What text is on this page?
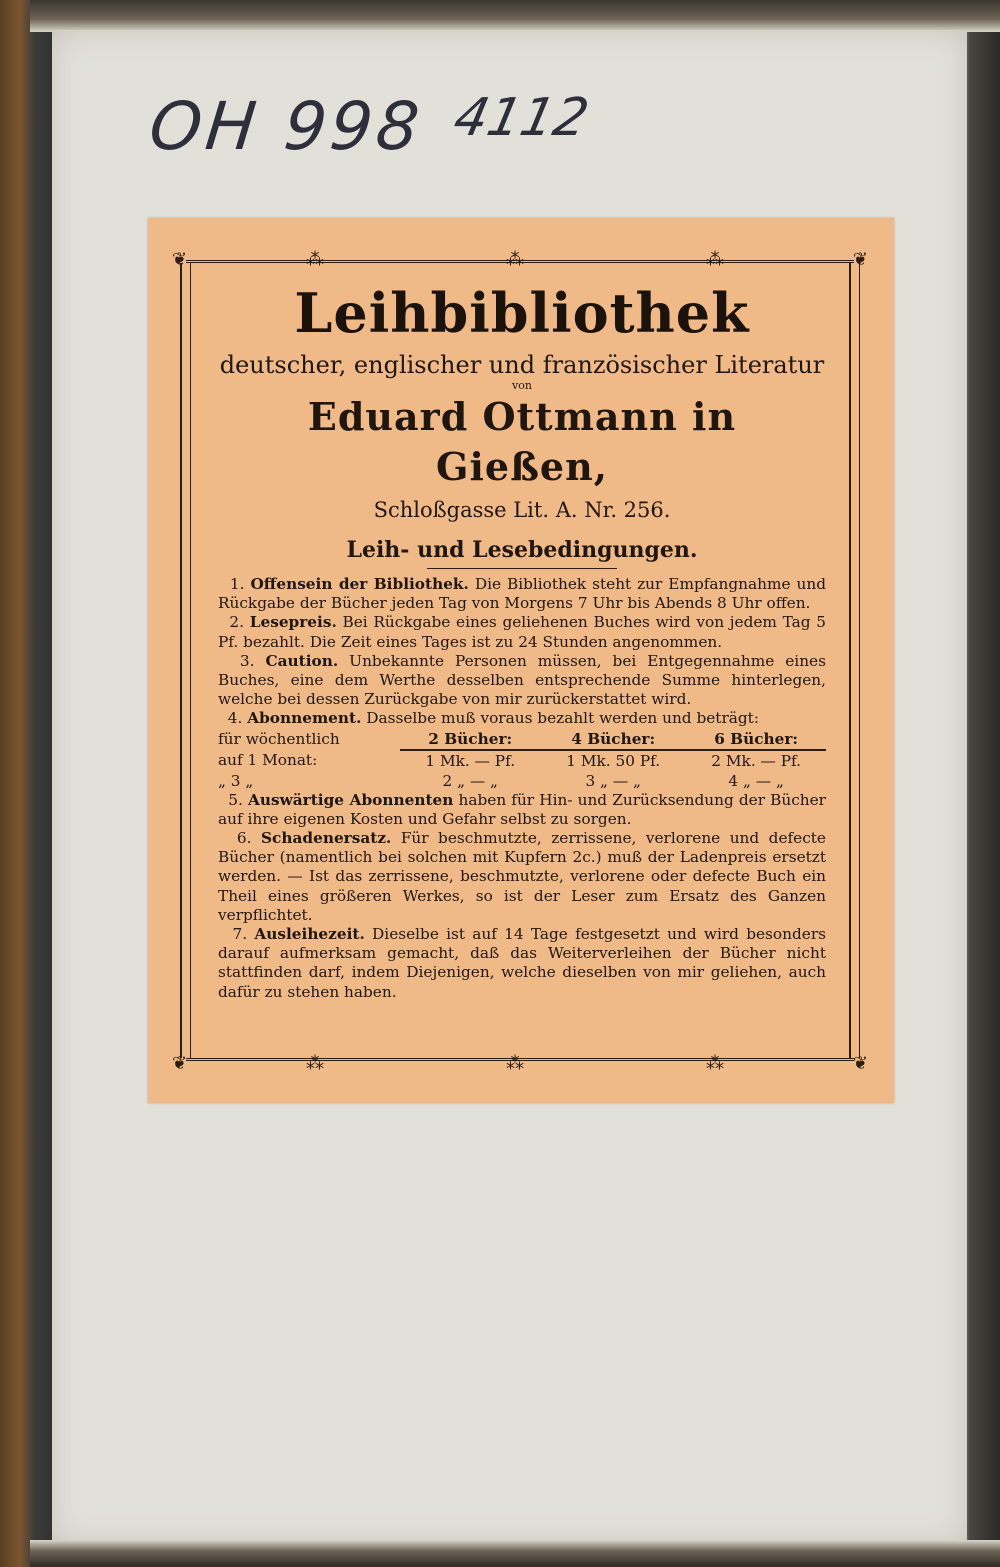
OH 998 4112
❦	❦
❦	❦
⁂	⁂	⁂
⁂	⁂	⁂

Leihbibliothek

deutscher, englischer und französischer Literatur

von

Eduard Ottmann in Gießen,

Schloßgasse Lit. A. Nr. 256.

Leih- und Lesebedingungen.

1. Offensein der Bibliothek. Die Bibliothek steht zur Empfangnahme und Rückgabe der Bücher jeden Tag von Morgens 7 Uhr bis Abends 8 Uhr offen.

2. Lesepreis. Bei Rückgabe eines geliehenen Buches wird von jedem Tag 5 Pf. bezahlt. Die Zeit eines Tages ist zu 24 Stunden angenommen.

3. Caution. Unbekannte Personen müssen, bei Entgegennahme eines Buches, eine dem Werthe desselben entsprechende Summe hinterlegen, welche bei dessen Zurückgabe von mir zurückerstattet wird.

4. Abonnement. Dasselbe muß voraus bezahlt werden und beträgt:

für wöchentlich	2 Bücher:	4 Bücher:	6 Bücher:
auf 1 Monat:	1 Mk. — Pf.	1 Mk. 50 Pf.	2 Mk. — Pf.
„ 3 „	2 „ — „	3 „ — „	4 „ — „

5. Auswärtige Abonnenten haben für Hin- und Zurücksendung der Bücher auf ihre eigenen Kosten und Gefahr selbst zu sorgen.

6. Schadenersatz. Für beschmutzte, zerrissene, verlorene und defecte Bücher (namentlich bei solchen mit Kupfern 2c.) muß der Ladenpreis ersetzt werden. — Ist das zerrissene, beschmutzte, verlorene oder defecte Buch ein Theil eines größeren Werkes, so ist der Leser zum Ersatz des Ganzen verpflichtet.

7. Ausleihezeit. Dieselbe ist auf 14 Tage festgesetzt und wird besonders darauf aufmerksam gemacht, daß das Weiterverleihen der Bücher nicht stattfinden darf, indem Diejenigen, welche dieselben von mir geliehen, auch dafür zu stehen haben.
